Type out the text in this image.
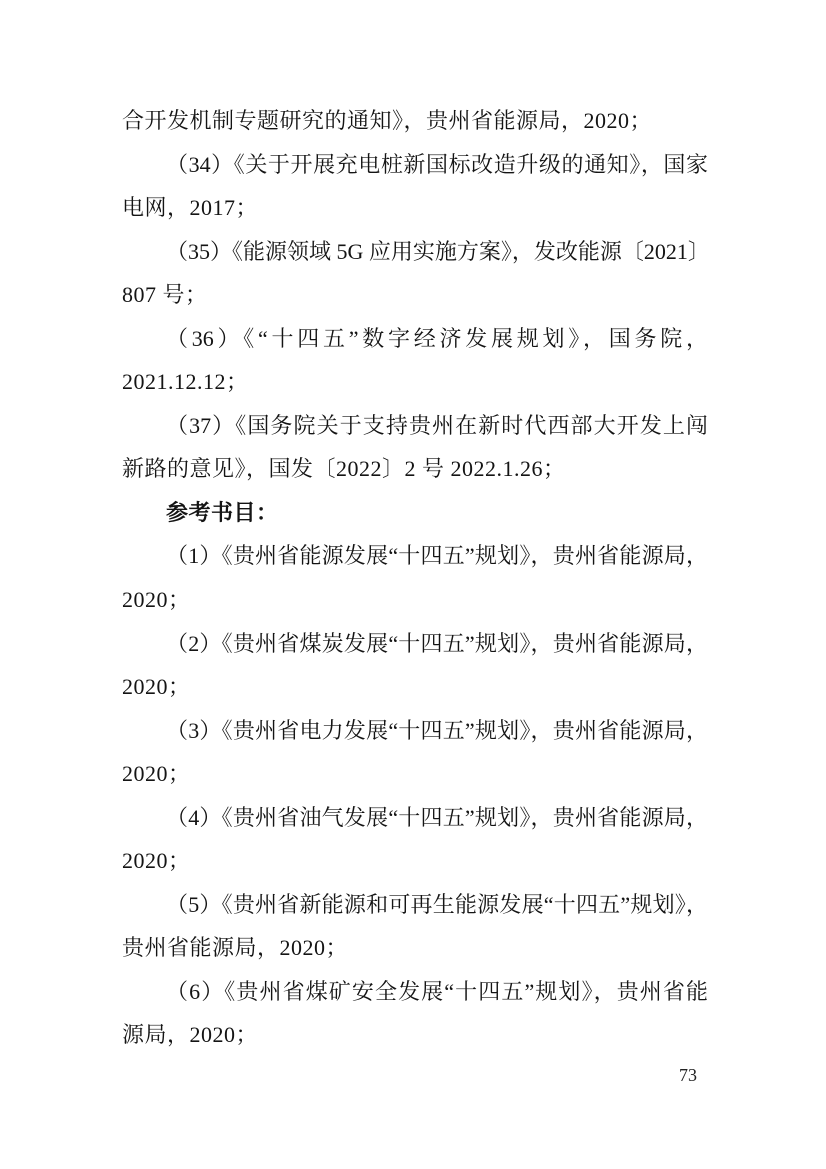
合开发机制专题研究的通知》，贵州省能源局，2020；
（34）《关于开展充电桩新国标改造升级的通知》，国家
电网，2017；
（35）《能源领域 5G 应用实施方案》，发改能源〔2021〕
807 号；
（36）《“十四五”数字经济发展规划》，国务院，
2021.12.12；
（37）《国务院关于支持贵州在新时代西部大开发上闯
新路的意见》，国发〔2022〕2 号 2022.1.26；
参考书目：
（1）《贵州省能源发展“十四五”规划》，贵州省能源局，
2020；
（2）《贵州省煤炭发展“十四五”规划》，贵州省能源局，
2020；
（3）《贵州省电力发展“十四五”规划》，贵州省能源局，
2020；
（4）《贵州省油气发展“十四五”规划》，贵州省能源局，
2020；
（5）《贵州省新能源和可再生能源发展“十四五”规划》，
贵州省能源局，2020；
（6）《贵州省煤矿安全发展“十四五”规划》，贵州省能
源局，2020；
73
